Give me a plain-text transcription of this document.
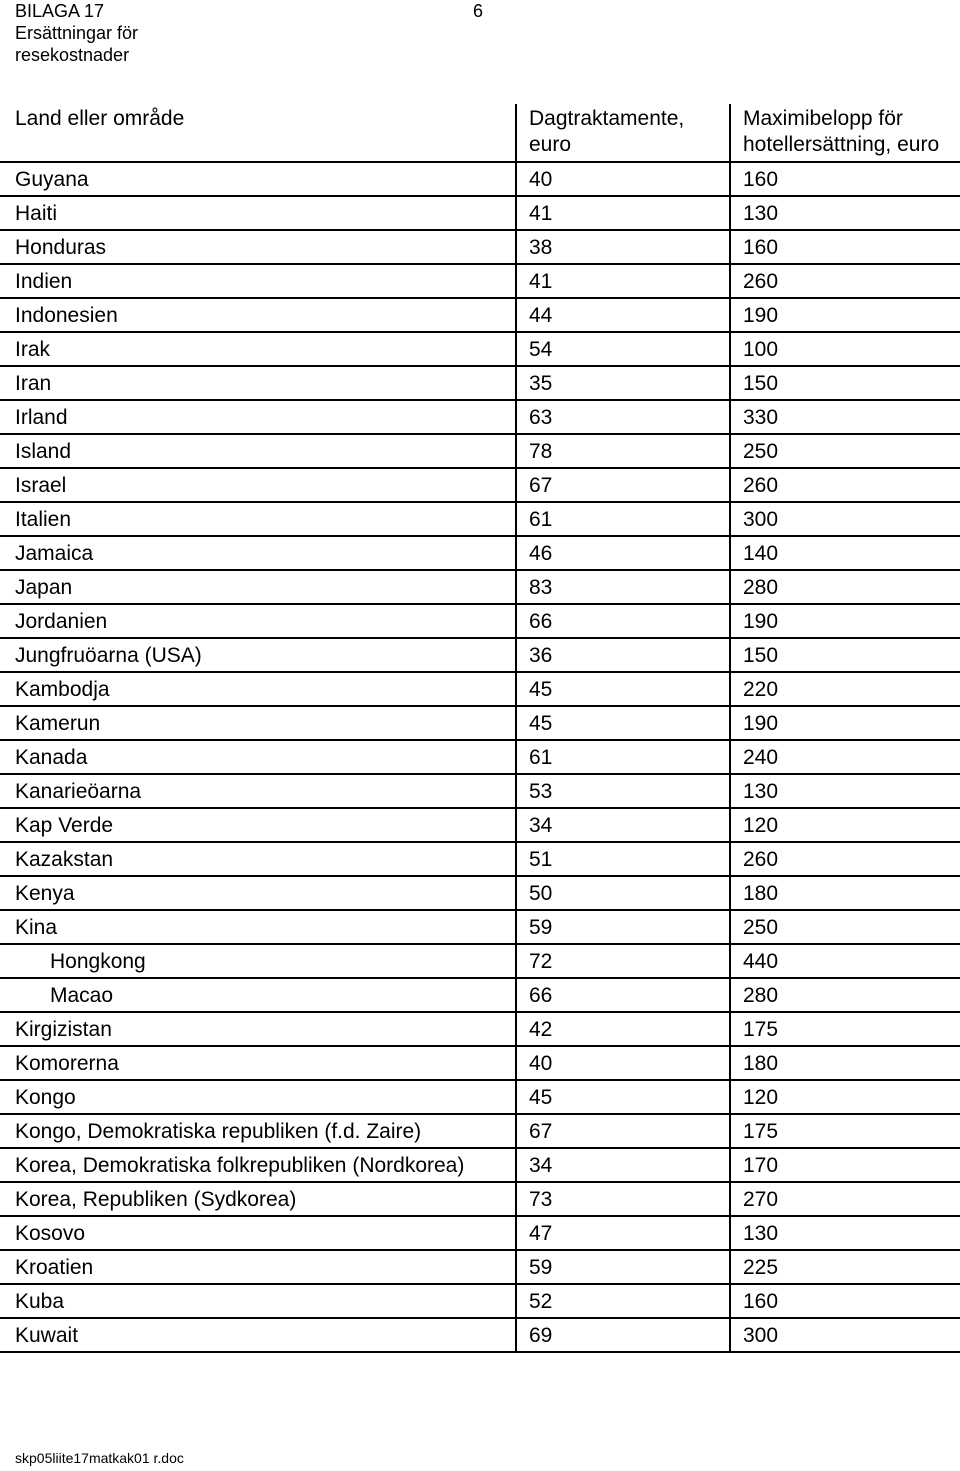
BILAGA 17
Ersättningar för
resekostnader
6
Land eller område	Dagtraktamente, euro	Maximibelopp för hotellersättning, euro
Guyana	40	160
Haiti	41	130
Honduras	38	160
Indien	41	260
Indonesien	44	190
Irak	54	100
Iran	35	150
Irland	63	330
Island	78	250
Israel	67	260
Italien	61	300
Jamaica	46	140
Japan	83	280
Jordanien	66	190
Jungfruöarna (USA)	36	150
Kambodja	45	220
Kamerun	45	190
Kanada	61	240
Kanarieöarna	53	130
Kap Verde	34	120
Kazakstan	51	260
Kenya	50	180
Kina	59	250
Hongkong	72	440
Macao	66	280
Kirgizistan	42	175
Komorerna	40	180
Kongo	45	120
Kongo, Demokratiska republiken (f.d. Zaire)	67	175
Korea, Demokratiska folkrepubliken (Nordkorea)	34	170
Korea, Republiken (Sydkorea)	73	270
Kosovo	47	130
Kroatien	59	225
Kuba	52	160
Kuwait	69	300
skp05liite17matkak01 r.doc
